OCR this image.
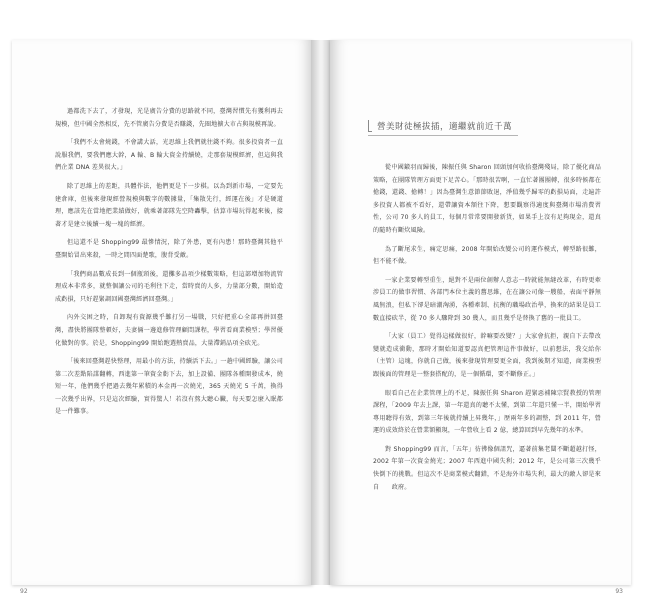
過都洗下去了，才發現，光是廣告分費的思路就不同，臺灣習慣先有獲利再去規模，但中國全然相反，先不管廣告分費是否賺錢，先圈地擴大市占與規模再說。

「我們不太會燒錢，不會講大話，光思維上我們就往錢不夠。很多投資者一直說服我們，要我們應大幹，A 輪、B 輪大資金持續燒，走那套規模經濟，但這與我們企業 DNA 差異很大。」

除了思維上的差距，具體作法，他們更是下一步棋。以為到新市場，一定要先建倉庫，但後來發現經營規模與數字的數據量，「集散先行，經運在後」才是硬道理，應該先在當地把業績做好，就乘著部隊先空降轟擊，估算市場玩得起來後，接著才是建立後續一塊一塊的經濟。

但這還不是 Shopping99 最慘情況，除了外患，更有內患！那時臺灣其他平臺開始冒出來殺，一時之間四面楚歌，腹背受敵。

「我們商品數成長到一個瓶頸後，還攤多品項少樣數策略，但這部增加物流管理成本非常多，就整個讓公司的毛利往下走，當時賣的人多，力量部分數，開始造成虧損，只好趕緊調回國臺灣經濟回臺灣。」

內外交困之時，自卸現有資源幾乎難打另一場戰，只好把重心全部再拼回臺灣，盡快將團隊整頓好，夫妻倆一邊進修管理顧問課程，學習看商業模型；學習優化做對的事。於是，Shopping99 開始跑選熱賣品，大量滯銷品項全砍光。

「後來回臺灣趕快整理，用最小的方法，持續活下去。」一趟中國經驗，讓公司第二次差點陷謀翻轉，西進第一筆資金虧下去，加上設備、團隊各種開發成本，燒短一年，他們幾乎把過去幾年累積的本金再一次燒光，365 天燒光 5 千萬，換得一次幾乎出界，只是這次經驗，實得驚人！若沒有熬大聽心臟，每天要怎麼入眠都是一件難事。

92
營美財徒極拔插，適繼就前近千萬

從中國鎩羽而歸後，陳振任與 Sharon 回頭加何收拾臺灣殘局，除了優化商品策略，在團隊管理方面更下足苦心。「那時很苦啊，一直忙著團團轉，很多時候都在搶錢，還錢、搶轉！」因為臺灣生意節節敗退，淨值幾乎歸零的虧損局面，走遍許多投資人都被不看好，還帶讓資本額往下降，想要觀察得適度與臺灣市場消費習性，公司 70 多人的員工，每個月常常要開發新貨，如果手上沒有足夠現金，還真的隨時有斷炊風險。

為了斷尾求生，痛定思痛，2008 年開始改變公司的運作模式，轉型路很難，但不能不做。

一家企業要轉型重生，絕對不是兩位創辦人意志一時就能無縫改革，有時更牽涉員工的做事習慣、各部門本位主義的舊思維，在在讓公司像一艘船，表面平靜無風無浪，但私下卻是暗潮洶湧，各種牽制、抗衡的職場政治學，換來的結果是員工數直接砍半，從 70 多人驟降到 30 幾人，而且幾乎是替換了舊的一批員工。

「大家（員工）覺得這樣做很好，幹嘛要改變？」大家會抗拒，親自下去帶改變就造成衝動，那時才開始知道要認真把管理這件事做好，以前想法，我交給你（主管）這塊，你就自己做，後來發現管理要更全面，我到後期才知道，商業模型跟後面的管理是一整套搭配的，是一個循環，要不斷修正。」

眼看自己在企業管理上的不足，陳振任與 Sharon 趕緊惡補陳宗賢教授的管理課程，「2009 年去上課，第一年還真的聽不太懂，到第二年還只懂一半，開始學習專用聽得有效，到第三年後就持續上昇幾年，」歷兩年多的調整，到 2011 年，營運的成效終於在營業額顯現，一年營收上看 2 億，總算回到早先幾年的水準。

對 Shopping99 而言，「五年」彷彿像個詛咒，逼著前集老闆不斷超越打怪，2002 年第一次資金燒光；2007 年西進中國失利；2012 年，是公司第三次幾乎快倒下的挑戰。但這次不是商業模式翻錯，不是海外市場失利，最大的敵人卻是來自　　政府。

93
